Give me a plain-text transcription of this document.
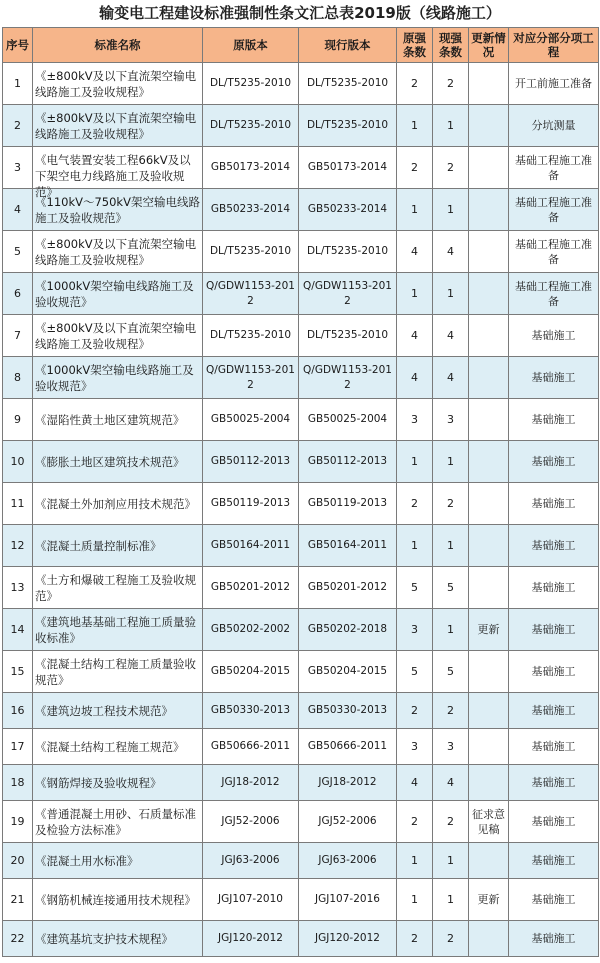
输变电工程建设标准强制性条文汇总表2019版（线路施工）
序号	标准名称	原版本	现行版本	原强条数	现强条数	更新情况	对应分部分项工程
1	《±800kV及以下直流架空输电线路施工及验收规程》	DL/T5235-2010	DL/T5235-2010	2	2		开工前施工准备
2	《±800kV及以下直流架空输电线路施工及验收规程》	DL/T5235-2010	DL/T5235-2010	1	1		分坑测量
3	《电气装置安装工程66kV及以下架空电力线路施工及验收规范》	GB50173-2014	GB50173-2014	2	2		基础工程施工准备
4	《110kV～750kV架空输电线路施工及验收规范》	GB50233-2014	GB50233-2014	1	1		基础工程施工准备
5	《±800kV及以下直流架空输电线路施工及验收规程》	DL/T5235-2010	DL/T5235-2010	4	4		基础工程施工准备
6	《1000kV架空输电线路施工及验收规范》	Q/GDW1153-2012	Q/GDW1153-2012	1	1		基础工程施工准备
7	《±800kV及以下直流架空输电线路施工及验收规程》	DL/T5235-2010	DL/T5235-2010	4	4		基础施工
8	《1000kV架空输电线路施工及验收规范》	Q/GDW1153-2012	Q/GDW1153-2012	4	4		基础施工
9	《湿陷性黄土地区建筑规范》	GB50025-2004	GB50025-2004	3	3		基础施工
10	《膨胀土地区建筑技术规范》	GB50112-2013	GB50112-2013	1	1		基础施工
11	《混凝土外加剂应用技术规范》	GB50119-2013	GB50119-2013	2	2		基础施工
12	《混凝土质量控制标准》	GB50164-2011	GB50164-2011	1	1		基础施工
13	《土方和爆破工程施工及验收规范》	GB50201-2012	GB50201-2012	5	5		基础施工
14	《建筑地基基础工程施工质量验收标准》	GB50202-2002	GB50202-2018	3	1	更新	基础施工
15	《混凝土结构工程施工质量验收规范》	GB50204-2015	GB50204-2015	5	5		基础施工
16	《建筑边坡工程技术规范》	GB50330-2013	GB50330-2013	2	2		基础施工
17	《混凝土结构工程施工规范》	GB50666-2011	GB50666-2011	3	3		基础施工
18	《钢筋焊接及验收规程》	JGJ18-2012	JGJ18-2012	4	4		基础施工
19	《普通混凝土用砂、石质量标准及检验方法标准》	JGJ52-2006	JGJ52-2006	2	2	征求意见稿	基础施工
20	《混凝土用水标准》	JGJ63-2006	JGJ63-2006	1	1		基础施工
21	《钢筋机械连接通用技术规程》	JGJ107-2010	JGJ107-2016	1	1	更新	基础施工
22	《建筑基坑支护技术规程》	JGJ120-2012	JGJ120-2012	2	2		基础施工
